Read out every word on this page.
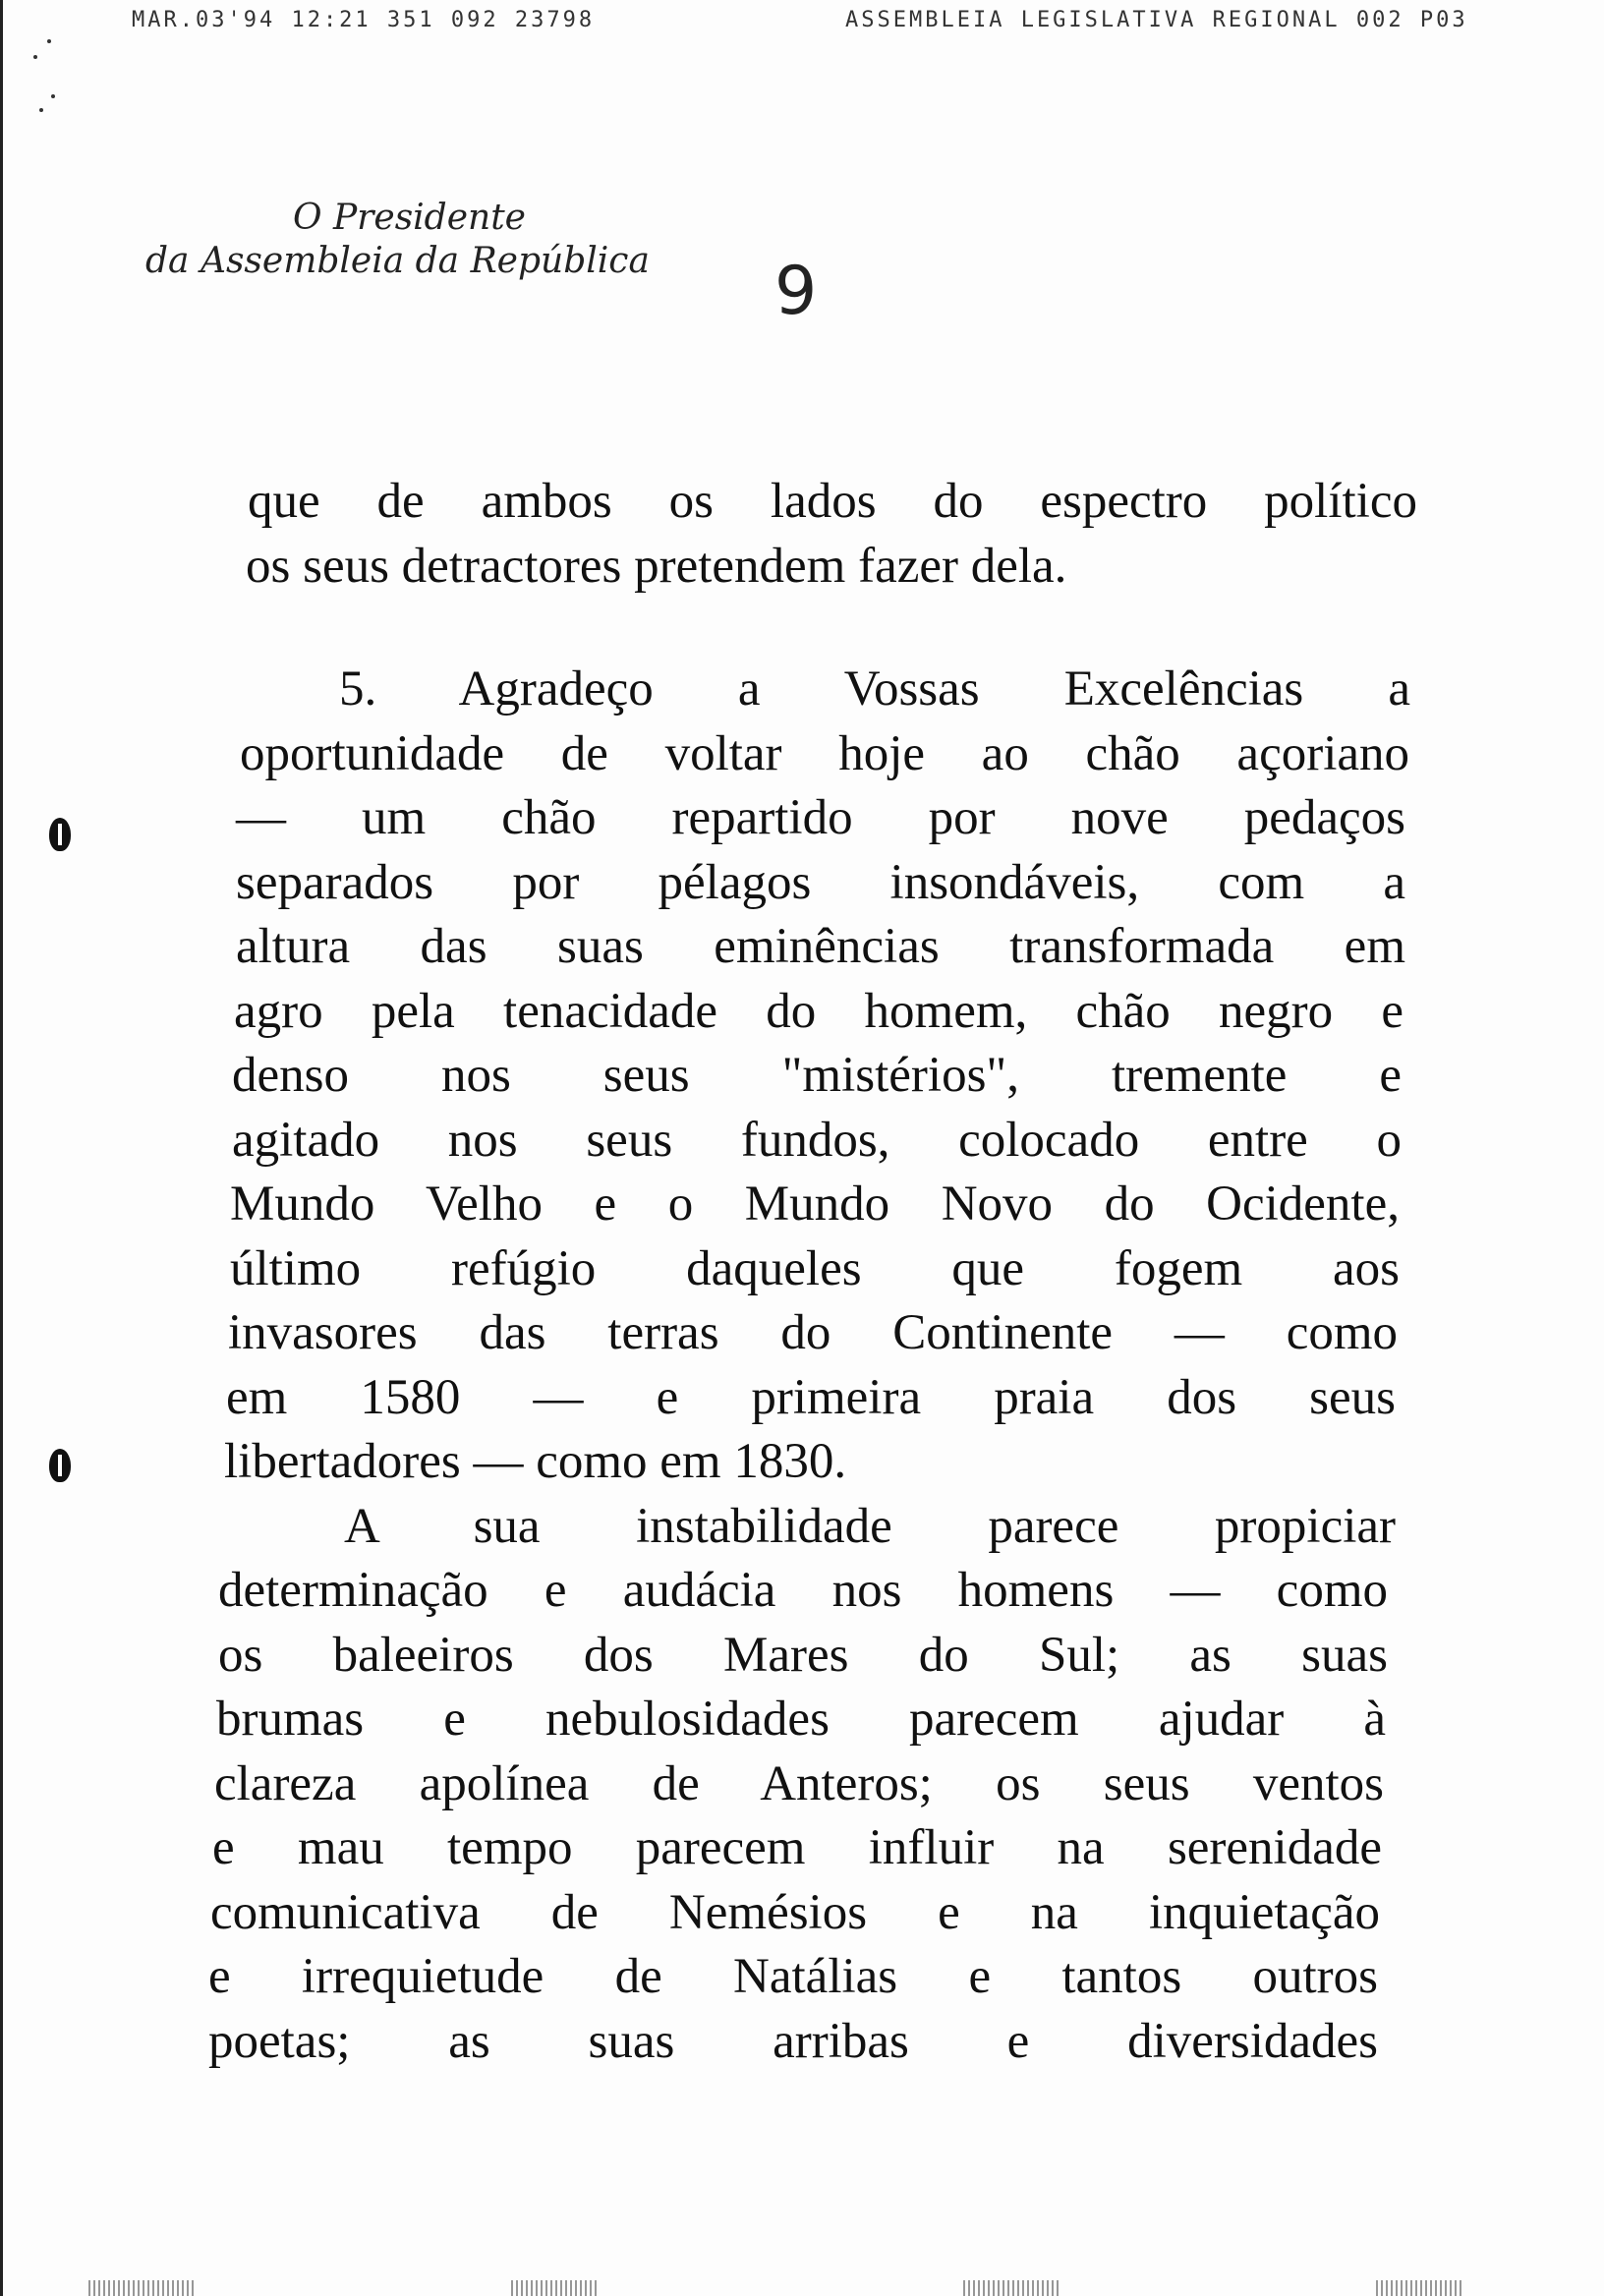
MAR.03'94 12:21 351 092 23798	ASSEMBLEIA LEGISLATIVA REGIONAL 002 P03
O Presidente
da Assembleia da República	9
que de ambos os lados do espectro político
os seus detractores pretendem fazer dela.
5. Agradeço a Vossas Excelências a
oportunidade de voltar hoje ao chão açoriano
— um chão repartido por nove pedaços
separados por pélagos insondáveis, com a
altura das suas eminências transformada em
agro pela tenacidade do homem, chão negro e
denso nos seus "mistérios", tremente e
agitado nos seus fundos, colocado entre o
Mundo Velho e o Mundo Novo do Ocidente,
último refúgio daqueles que fogem aos
invasores das terras do Continente — como
em 1580 — e primeira praia dos seus
libertadores — como em 1830.
A sua instabilidade parece propiciar
determinação e audácia nos homens — como
os baleeiros dos Mares do Sul; as suas
brumas e nebulosidades parecem ajudar à
clareza apolínea de Anteros; os seus ventos
e mau tempo parecem influir na serenidade
comunicativa de Nemésios e na inquietação
e irrequietude de Natálias e tantos outros
poetas; as suas arribas e diversidades
